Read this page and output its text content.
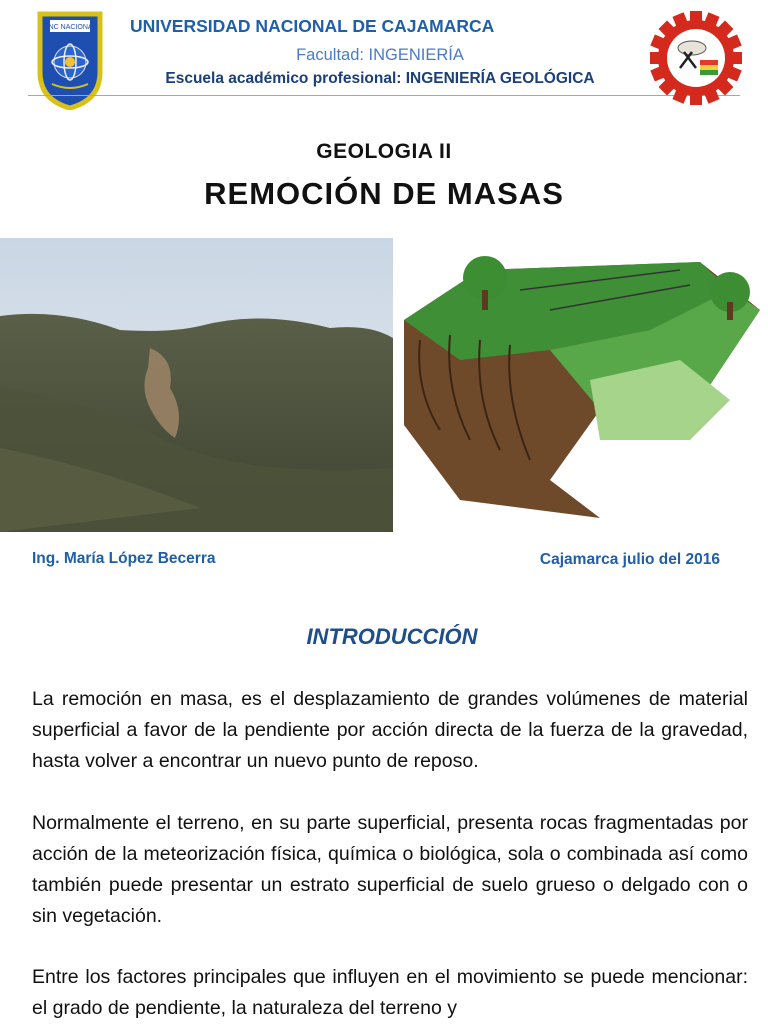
UNC NACIONAL UNIVERSIDAD NACIONAL DE CAJAMARCA
Facultad: INGENIERÍA
Escuela académico profesional: INGENIERÍA GEOLÓGICA
GEOLOGIA II
REMOCIÓN DE MASAS
Ing. María López Becerra	Cajamarca julio del 2016
INTRODUCCIÓN
La remoción en masa, es el desplazamiento de grandes volúmenes de material superficial a favor de la pendiente por acción directa de la fuerza de la gravedad, hasta volver a encontrar un nuevo punto de reposo.
Normalmente el terreno, en su parte superficial, presenta rocas fragmentadas por acción de la meteorización física, química o biológica, sola o combinada así como también puede presentar un estrato superficial de suelo grueso o delgado con o sin vegetación.
Entre los factores principales que influyen en el movimiento se puede mencionar: el grado de pendiente, la naturaleza del terreno y
